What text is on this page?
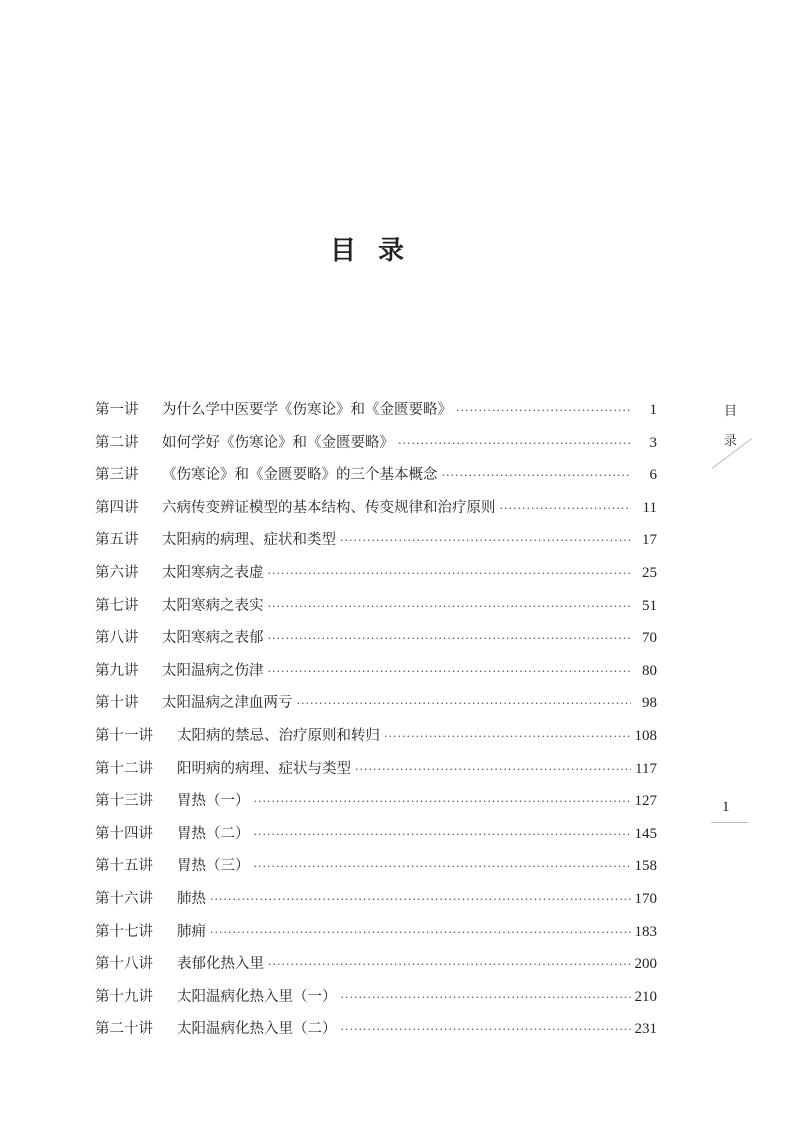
目录
第一讲	为什么学中医要学《伤寒论》和《金匮要略》 ·····	1
第二讲	如何学好《伤寒论》和《金匮要略》 ·····	3
第三讲	《伤寒论》和《金匮要略》的三个基本概念 ·····	6
第四讲	六病传变辨证模型的基本结构、传变规律和治疗原则 ·····	11
第五讲	太阳病的病理、症状和类型 ·····	17
第六讲	太阳寒病之表虚 ·····	25
第七讲	太阳寒病之表实 ·····	51
第八讲	太阳寒病之表郁 ·····	70
第九讲	太阳温病之伤津 ·····	80
第十讲	太阳温病之津血两亏 ·····	98
第十一讲	太阳病的禁忌、治疗原则和转归 ·····	108
第十二讲	阳明病的病理、症状与类型 ·····	117
第十三讲	胃热（一） ·····	127
第十四讲	胃热（二） ·····	145
第十五讲	胃热（三） ·····	158
第十六讲	肺热 ·····	170
第十七讲	肺痈 ·····	183
第十八讲	表郁化热入里 ·····	200
第十九讲	太阳温病化热入里（一） ·····	210
第二十讲	太阳温病化热入里（二） ·····	231
目
录
1
